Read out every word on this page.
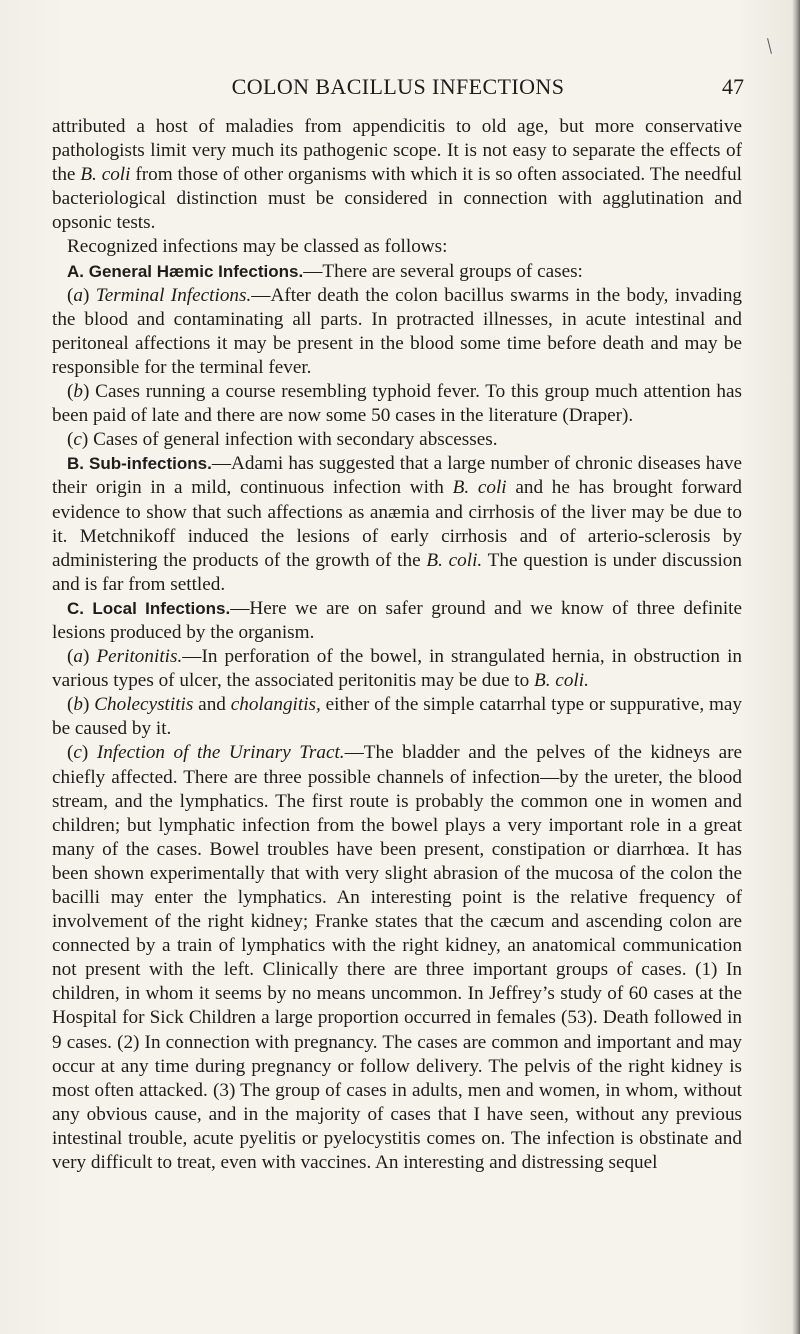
COLON BACILLUS INFECTIONS	47

attributed a host of maladies from appendicitis to old age, but more conservative pathologists limit very much its pathogenic scope. It is not easy to separate the effects of the B. coli from those of other organisms with which it is so often associated. The needful bacteriological distinction must be considered in connection with agglutination and opsonic tests.

Recognized infections may be classed as follows:

A. General Hæmic Infections.—There are several groups of cases:

(a) Terminal Infections.—After death the colon bacillus swarms in the body, invading the blood and contaminating all parts. In protracted illnesses, in acute intestinal and peritoneal affections it may be present in the blood some time before death and may be responsible for the terminal fever.

(b) Cases running a course resembling typhoid fever. To this group much attention has been paid of late and there are now some 50 cases in the literature (Draper).

(c) Cases of general infection with secondary abscesses.

B. Sub-infections.—Adami has suggested that a large number of chronic diseases have their origin in a mild, continuous infection with B. coli and he has brought forward evidence to show that such affections as anæmia and cirrhosis of the liver may be due to it. Metchnikoff induced the lesions of early cirrhosis and of arterio-sclerosis by administering the products of the growth of the B. coli. The question is under discussion and is far from settled.

C. Local Infections.—Here we are on safer ground and we know of three definite lesions produced by the organism.

(a) Peritonitis.—In perforation of the bowel, in strangulated hernia, in obstruction in various types of ulcer, the associated peritonitis may be due to B. coli.

(b) Cholecystitis and cholangitis, either of the simple catarrhal type or suppurative, may be caused by it.

(c) Infection of the Urinary Tract.—The bladder and the pelves of the kidneys are chiefly affected. There are three possible channels of infection—by the ureter, the blood stream, and the lymphatics. The first route is probably the common one in women and children; but lymphatic infection from the bowel plays a very important role in a great many of the cases. Bowel troubles have been present, constipation or diarrhœa. It has been shown experimentally that with very slight abrasion of the mucosa of the colon the bacilli may enter the lymphatics. An interesting point is the relative frequency of involvement of the right kidney; Franke states that the cæcum and ascending colon are connected by a train of lymphatics with the right kidney, an anatomical communication not present with the left. Clinically there are three important groups of cases. (1) In children, in whom it seems by no means uncommon. In Jeffrey’s study of 60 cases at the Hospital for Sick Children a large proportion occurred in females (53). Death followed in 9 cases. (2) In connection with pregnancy. The cases are common and important and may occur at any time during pregnancy or follow delivery. The pelvis of the right kidney is most often attacked. (3) The group of cases in adults, men and women, in whom, without any obvious cause, and in the majority of cases that I have seen, without any previous intestinal trouble, acute pyelitis or pyelocystitis comes on. The infection is obstinate and very difficult to treat, even with vaccines. An interesting and distressing sequel
